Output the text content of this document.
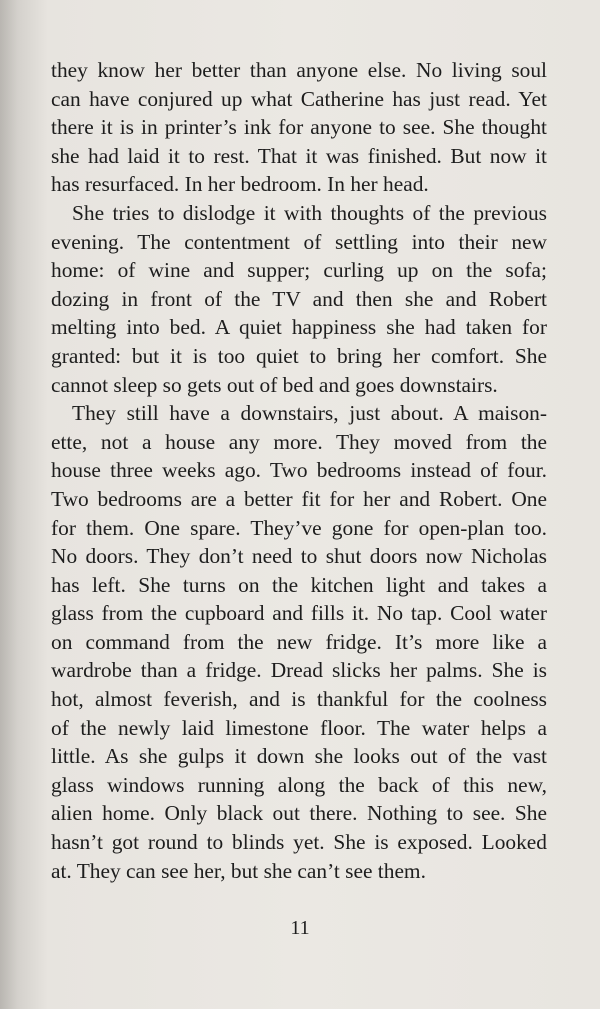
they know her better than anyone else. No living soul
can have conjured up what Catherine has just read. Yet
there it is in printer’s ink for anyone to see. She thought
she had laid it to rest. That it was finished. But now it
has resurfaced. In her bedroom. In her head.
She tries to dislodge it with thoughts of the previous
evening. The contentment of settling into their new
home: of wine and supper; curling up on the sofa;
dozing in front of the TV and then she and Robert
melting into bed. A quiet happiness she had taken for
granted: but it is too quiet to bring her comfort. She
cannot sleep so gets out of bed and goes downstairs.
They still have a downstairs, just about. A maison-
ette, not a house any more. They moved from the
house three weeks ago. Two bedrooms instead of four.
Two bedrooms are a better fit for her and Robert. One
for them. One spare. They’ve gone for open-plan too.
No doors. They don’t need to shut doors now Nicholas
has left. She turns on the kitchen light and takes a
glass from the cupboard and fills it. No tap. Cool water
on command from the new fridge. It’s more like a
wardrobe than a fridge. Dread slicks her palms. She is
hot, almost feverish, and is thankful for the coolness
of the newly laid limestone floor. The water helps a
little. As she gulps it down she looks out of the vast
glass windows running along the back of this new,
alien home. Only black out there. Nothing to see. She
hasn’t got round to blinds yet. She is exposed. Looked
at. They can see her, but she can’t see them.
11
